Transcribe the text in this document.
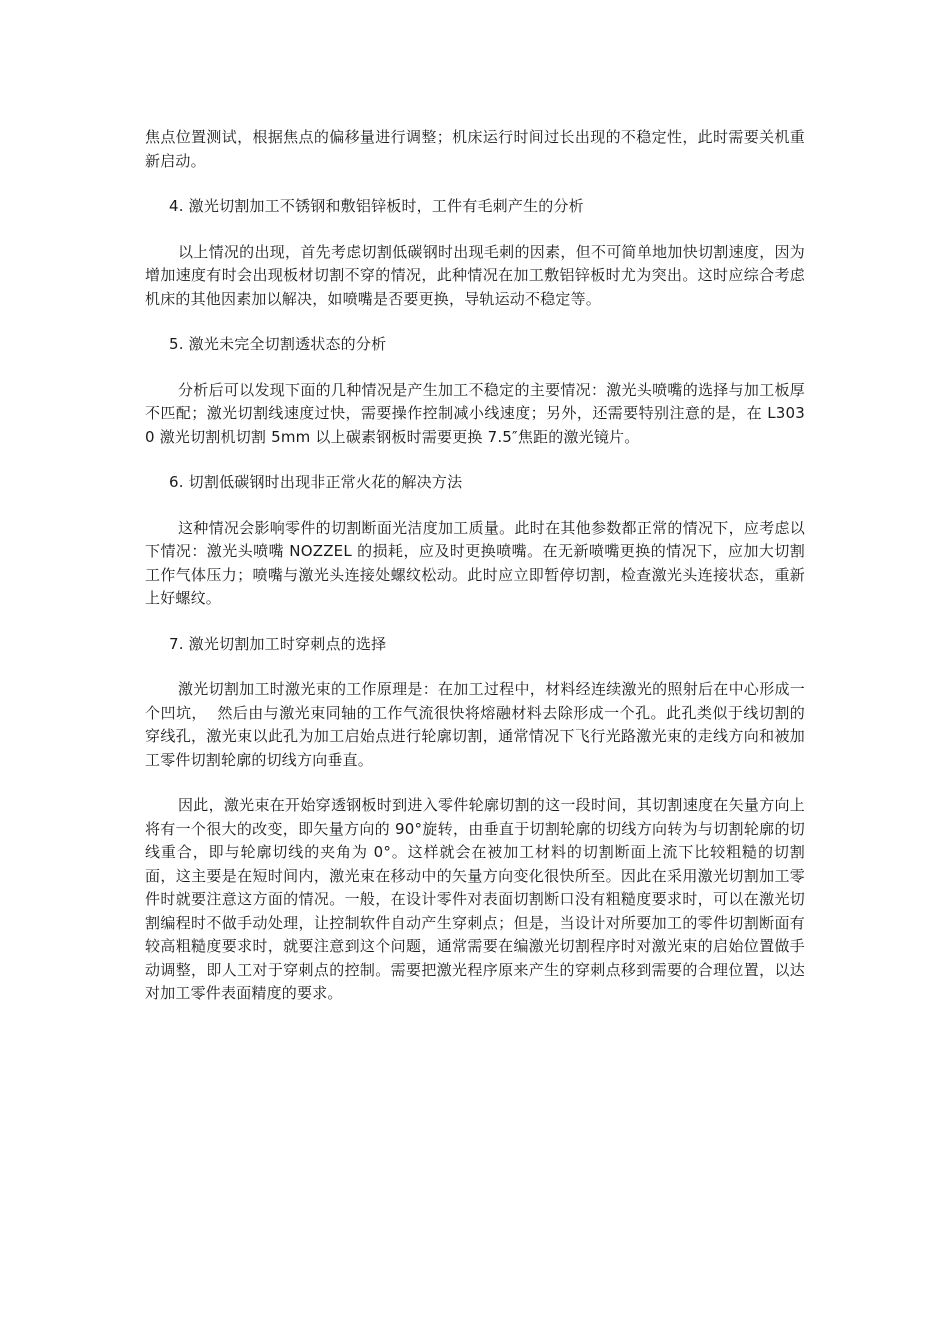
焦点位置测试，根据焦点的偏移量进行调整；机床运行时间过长出现的不稳定性，此时需要关机重新启动。

4. 激光切割加工不锈钢和敷铝锌板时，工件有毛刺产生的分析

以上情况的出现，首先考虑切割低碳钢时出现毛刺的因素，但不可简单地加快切割速度，因为增加速度有时会出现板材切割不穿的情况，此种情况在加工敷铝锌板时尤为突出。这时应综合考虑机床的其他因素加以解决，如喷嘴是否要更换，导轨运动不稳定等。

5. 激光未完全切割透状态的分析

分析后可以发现下面的几种情况是产生加工不稳定的主要情况：激光头喷嘴的选择与加工板厚不匹配；激光切割线速度过快，需要操作控制减小线速度；另外，还需要特别注意的是，在 L3030 激光切割机切割 5mm 以上碳素钢板时需要更换 7.5″焦距的激光镜片。

6. 切割低碳钢时出现非正常火花的解决方法

这种情况会影响零件的切割断面光洁度加工质量。此时在其他参数都正常的情况下，应考虑以下情况：激光头喷嘴 NOZZEL 的损耗，应及时更换喷嘴。在无新喷嘴更换的情况下，应加大切割工作气体压力；喷嘴与激光头连接处螺纹松动。此时应立即暂停切割，检查激光头连接状态，重新上好螺纹。

7. 激光切割加工时穿刺点的选择

激光切割加工时激光束的工作原理是：在加工过程中，材料经连续激光的照射后在中心形成一个凹坑，  然后由与激光束同轴的工作气流很快将熔融材料去除形成一个孔。此孔类似于线切割的穿线孔，激光束以此孔为加工启始点进行轮廓切割，通常情况下飞行光路激光束的走线方向和被加工零件切割轮廓的切线方向垂直。

因此，激光束在开始穿透钢板时到进入零件轮廓切割的这一段时间，其切割速度在矢量方向上将有一个很大的改变，即矢量方向的 90°旋转，由垂直于切割轮廓的切线方向转为与切割轮廓的切线重合，即与轮廓切线的夹角为 0°。这样就会在被加工材料的切割断面上流下比较粗糙的切割面，这主要是在短时间内，激光束在移动中的矢量方向变化很快所至。因此在采用激光切割加工零件时就要注意这方面的情况。一般，在设计零件对表面切割断口没有粗糙度要求时，可以在激光切割编程时不做手动处理，让控制软件自动产生穿刺点；但是，当设计对所要加工的零件切割断面有较高粗糙度要求时，就要注意到这个问题，通常需要在编激光切割程序时对激光束的启始位置做手动调整，即人工对于穿刺点的控制。需要把激光程序原来产生的穿刺点移到需要的合理位置，以达对加工零件表面精度的要求。
